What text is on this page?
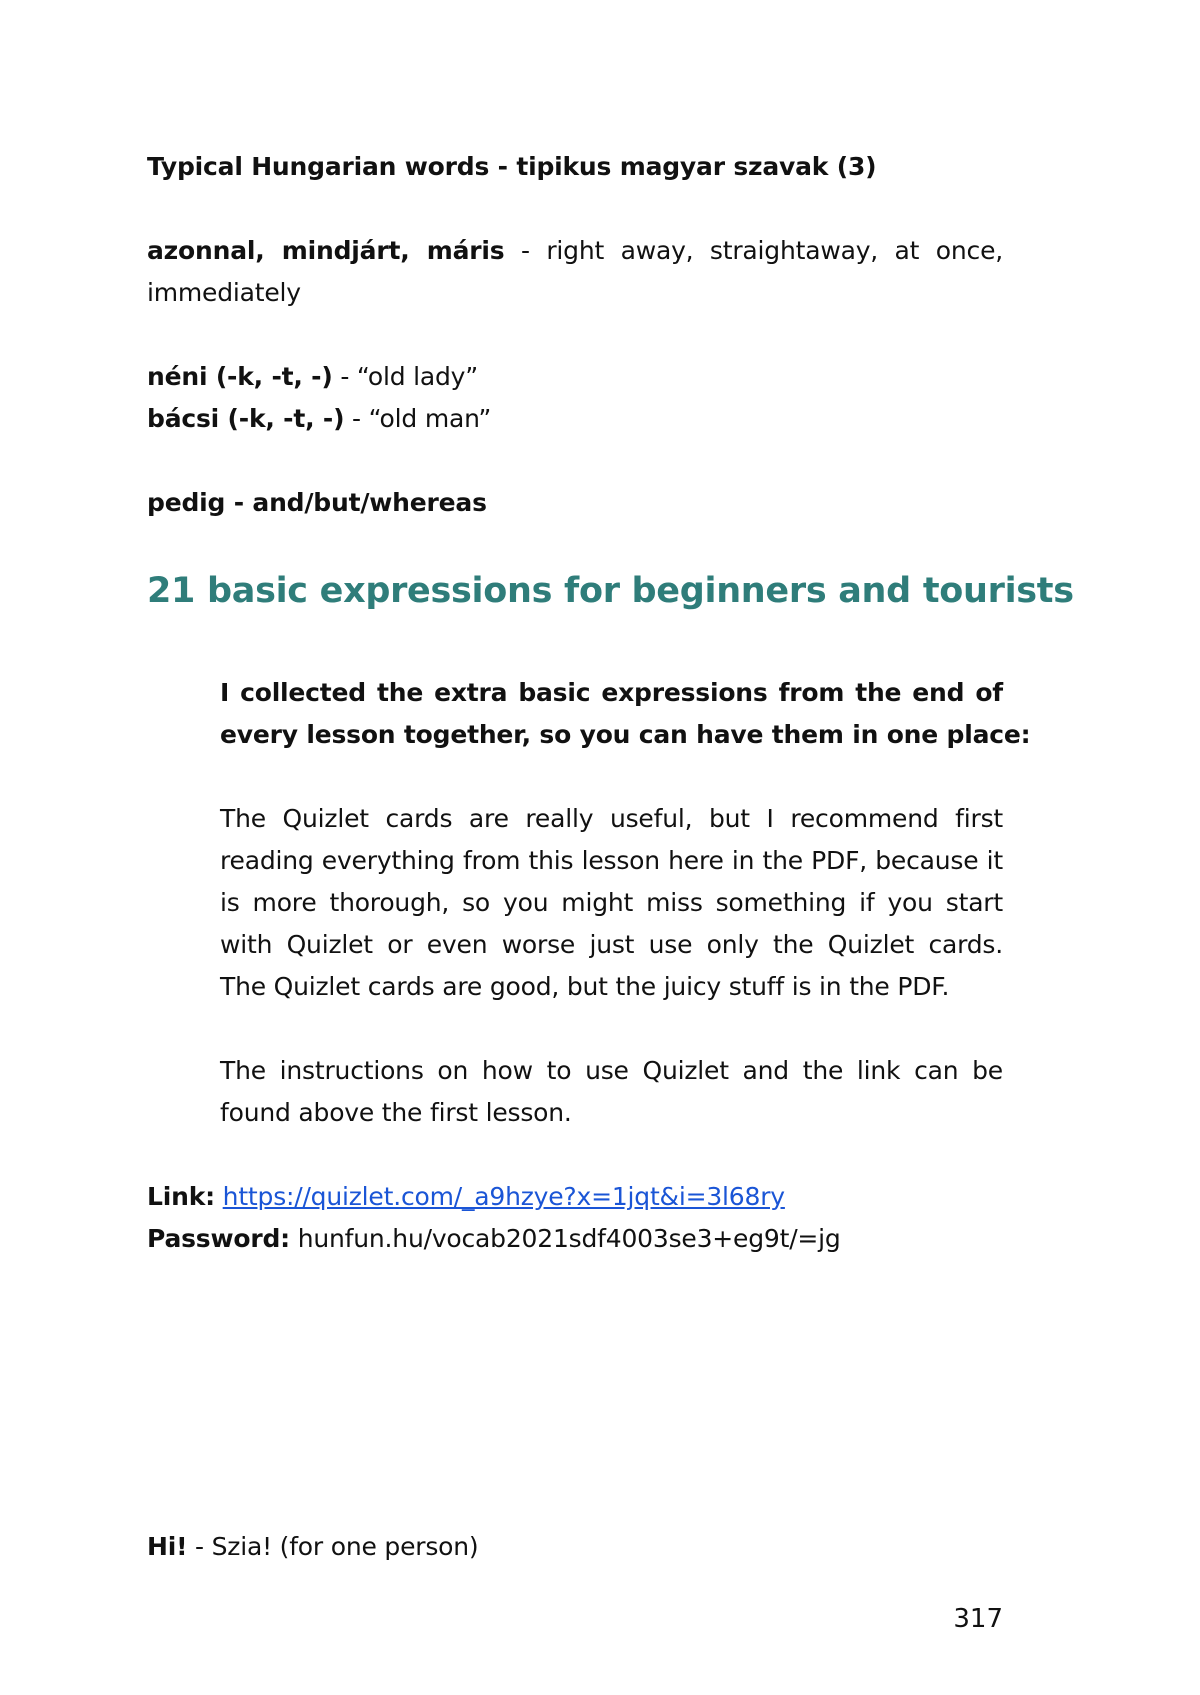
Typical Hungarian words - tipikus magyar szavak (3)
azonnal, mindjárt, máris - right away, straightaway, at once,
immediately
néni (-k, -t, -) - “old lady”
bácsi (-k, -t, -) - “old man”
pedig - and/but/whereas
21 basic expressions for beginners and tourists
I collected the extra basic expressions from the end of
every lesson together, so you can have them in one place:
The Quizlet cards are really useful, but I recommend first
reading everything from this lesson here in the PDF, because it
is more thorough, so you might miss something if you start
with Quizlet or even worse just use only the Quizlet cards.
The Quizlet cards are good, but the juicy stuff is in the PDF.
The instructions on how to use Quizlet and the link can be
found above the first lesson.
Link: https://quizlet.com/_a9hzye?x=1jqt&i=3l68ry
Password: hunfun.hu/vocab2021sdf4003se3+eg9t/=jg
Hi! - Szia! (for one person)
317
